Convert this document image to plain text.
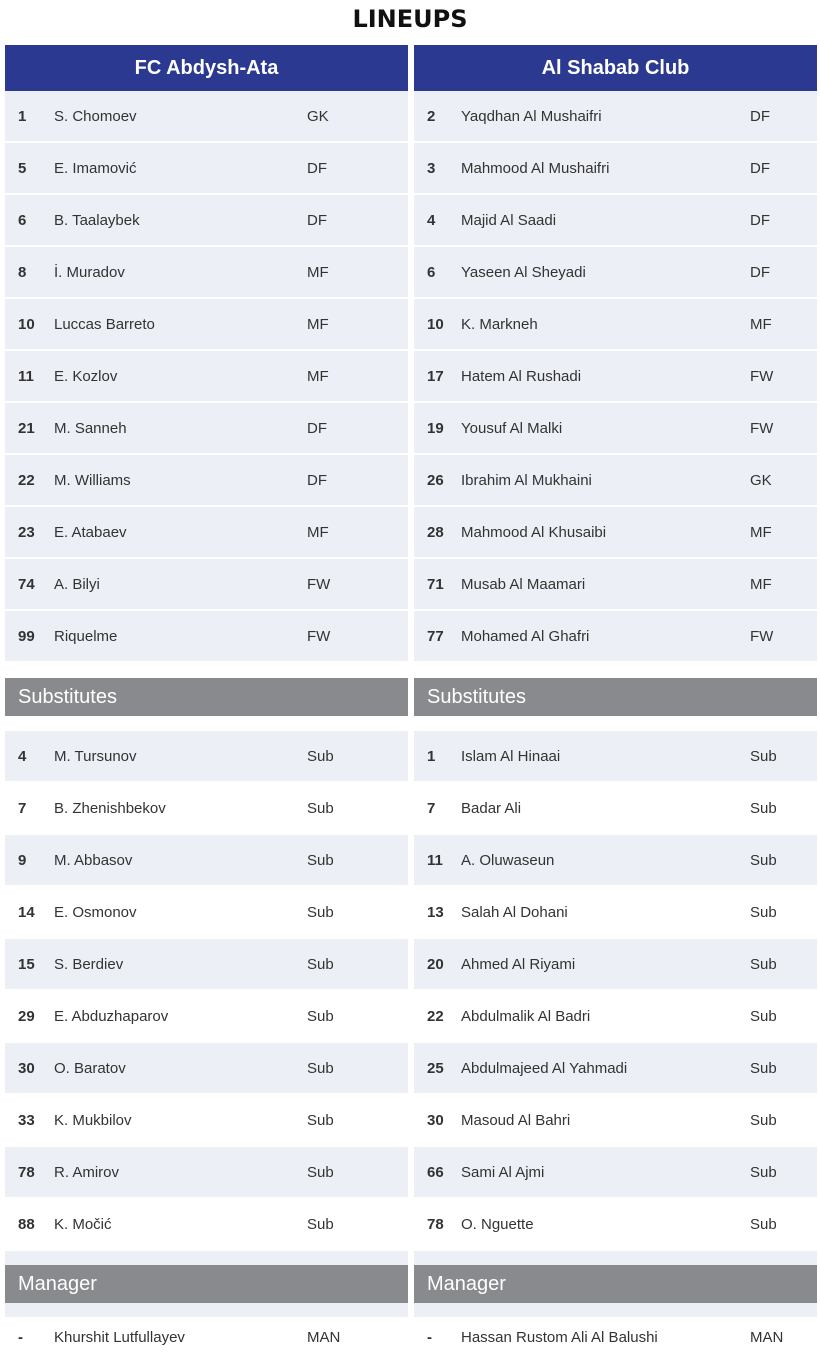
LINEUPS
FC Abdysh-Ata
1	S. Chomoev	GK
5	E. Imamović	DF
6	B. Taalaybek	DF
8	İ. Muradov	MF
10	Luccas Barreto	MF
11	E. Kozlov	MF
21	M. Sanneh	DF
22	M. Williams	DF
23	E. Atabaev	MF
74	A. Bilyi	FW
99	Riquelme	FW
Substitutes
4	M. Tursunov	Sub
7	B. Zhenishbekov	Sub
9	M. Abbasov	Sub
14	E. Osmonov	Sub
15	S. Berdiev	Sub
29	E. Abduzhaparov	Sub
30	O. Baratov	Sub
33	K. Mukbilov	Sub
78	R. Amirov	Sub
88	K. Močić	Sub
Manager
-	Khurshit Lutfullayev	MAN
Al Shabab Club
2	Yaqdhan Al Mushaifri	DF
3	Mahmood Al Mushaifri	DF
4	Majid Al Saadi	DF
6	Yaseen Al Sheyadi	DF
10	K. Markneh	MF
17	Hatem Al Rushadi	FW
19	Yousuf Al Malki	FW
26	Ibrahim Al Mukhaini	GK
28	Mahmood Al Khusaibi	MF
71	Musab Al Maamari	MF
77	Mohamed Al Ghafri	FW
Substitutes
1	Islam Al Hinaai	Sub
7	Badar Ali	Sub
11	A. Oluwaseun	Sub
13	Salah Al Dohani	Sub
20	Ahmed Al Riyami	Sub
22	Abdulmalik Al Badri	Sub
25	Abdulmajeed Al Yahmadi	Sub
30	Masoud Al Bahri	Sub
66	Sami Al Ajmi	Sub
78	O. Nguette	Sub
Manager
-	Hassan Rustom Ali Al Balushi	MAN
